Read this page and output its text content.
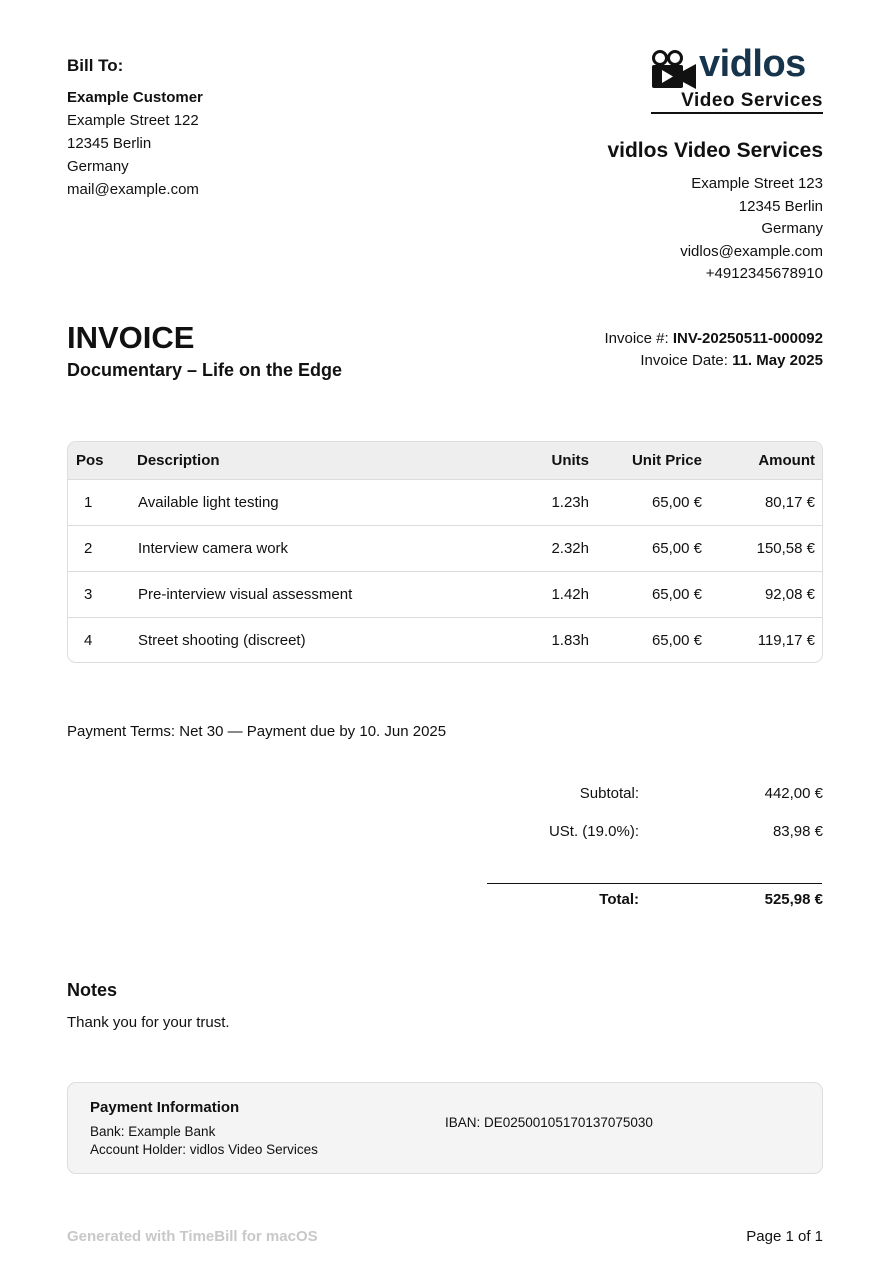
Bill To:
Example Customer
Example Street 122
12345 Berlin
Germany
mail@example.com
vidlos
Video Services
vidlos Video Services
Example Street 123
12345 Berlin
Germany
vidlos@example.com
+4912345678910
INVOICE
Documentary – Life on the Edge
Invoice #: INV-20250511-000092
Invoice Date: 11. May 2025
Pos	Description	Units	Unit Price	Amount
1	Available light testing	1.23h	65,00 €	80,17 €
2	Interview camera work	2.32h	65,00 €	150,58 €
3	Pre-interview visual assessment	1.42h	65,00 €	92,08 €
4	Street shooting (discreet)	1.83h	65,00 €	119,17 €
Payment Terms: Net 30 — Payment due by 10. Jun 2025
Subtotal:	442,00 €
USt. (19.0%):	83,98 €
Total:	525,98 €
Notes
Thank you for your trust.
Payment Information
Bank: Example Bank
Account Holder: vidlos Video Services
IBAN: DE02500105170137075030
Generated with TimeBill for macOS	Page 1 of 1
